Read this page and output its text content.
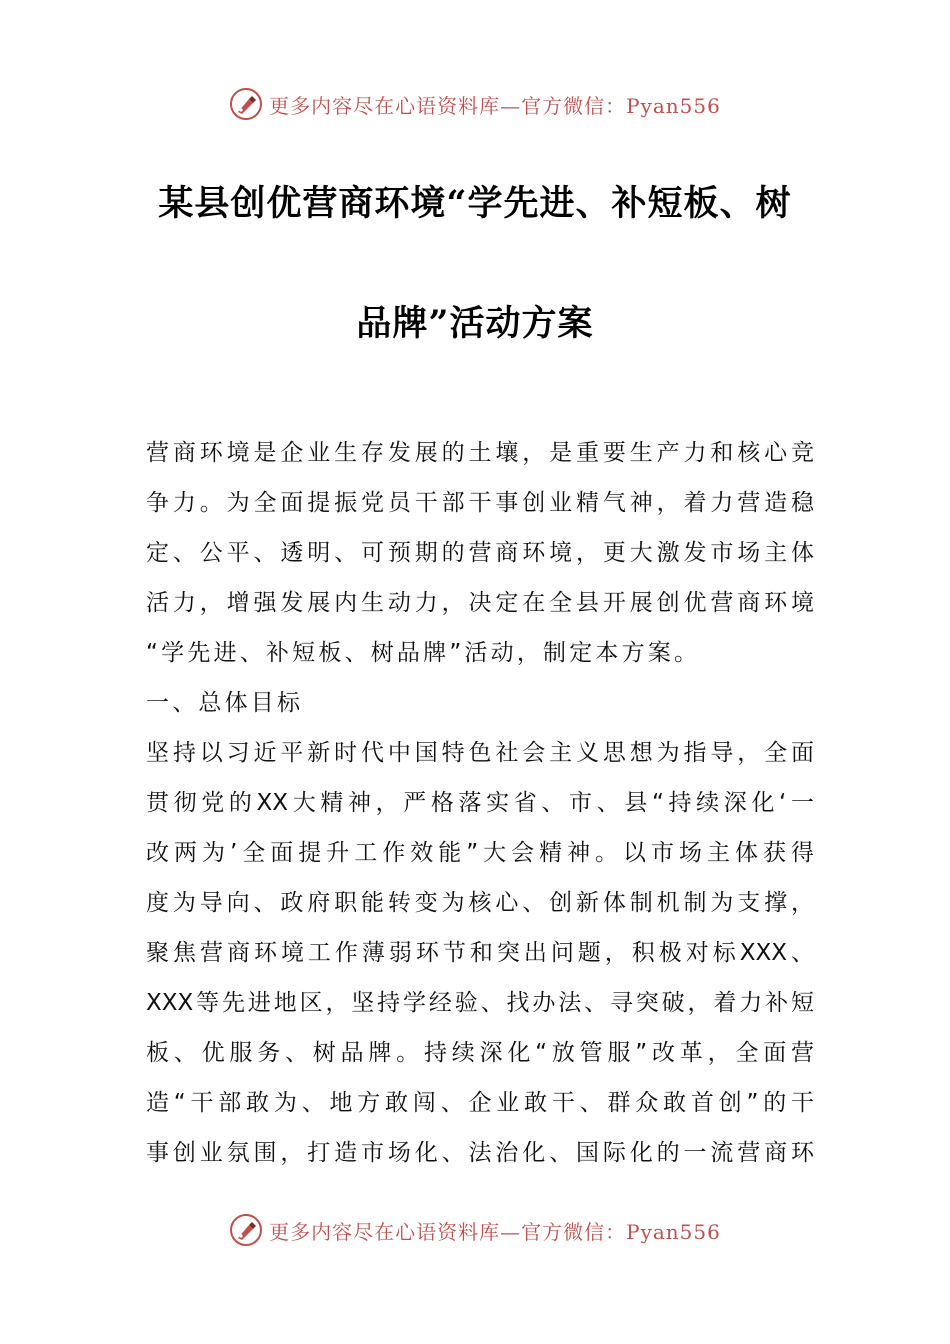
更多内容尽在心语资料库—官方微信：Pyan556
某县创优营商环境“学先进、补短板、树
品牌”活动方案
营商环境是企业生存发展的土壤，是重要生产力和核心竞
争力。为全面提振党员干部干事创业精气神，着力营造稳
定、公平、透明、可预期的营商环境，更大激发市场主体
活力，增强发展内生动力，决定在全县开展创优营商环境
“学先进、补短板、树品牌”活动，制定本方案。
一、总体目标
坚持以习近平新时代中国特色社会主义思想为指导，全面
贯彻党的XX大精神，严格落实省、市、县“持续深化‘一
改两为’全面提升工作效能”大会精神。以市场主体获得
度为导向、政府职能转变为核心、创新体制机制为支撑，
聚焦营商环境工作薄弱环节和突出问题，积极对标XXX、
XXX等先进地区，坚持学经验、找办法、寻突破，着力补短
板、优服务、树品牌。持续深化“放管服”改革，全面营
造“干部敢为、地方敢闯、企业敢干、群众敢首创”的干
事创业氛围，打造市场化、法治化、国际化的一流营商环
更多内容尽在心语资料库—官方微信：Pyan556
